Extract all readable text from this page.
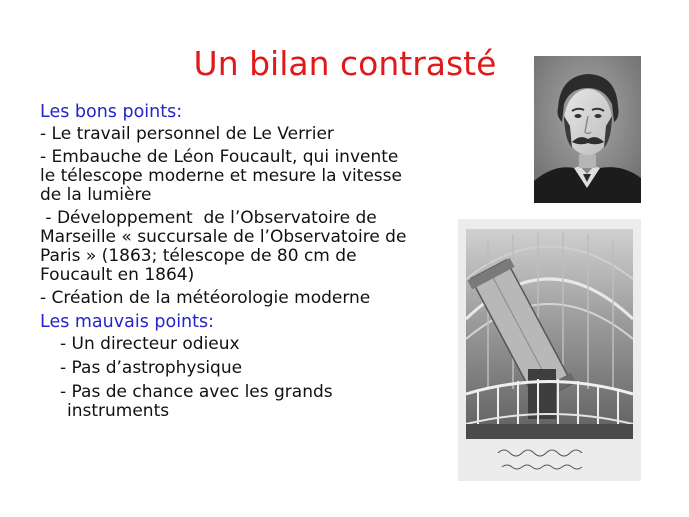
Un bilan contrasté
Les bons points:
- Le travail personnel de Le Verrier
- Embauche de Léon Foucault, qui invente
le télescope moderne et mesure la vitesse
de la lumière
- Développement  de l’Observatoire de
Marseille « succursale de l’Observatoire de
Paris » (1863; télescope de 80 cm de
Foucault en 1864)
- Création de la météorologie moderne
Les mauvais points:
- Un directeur odieux
- Pas d’astrophysique
- Pas de chance avec les grands
instruments
